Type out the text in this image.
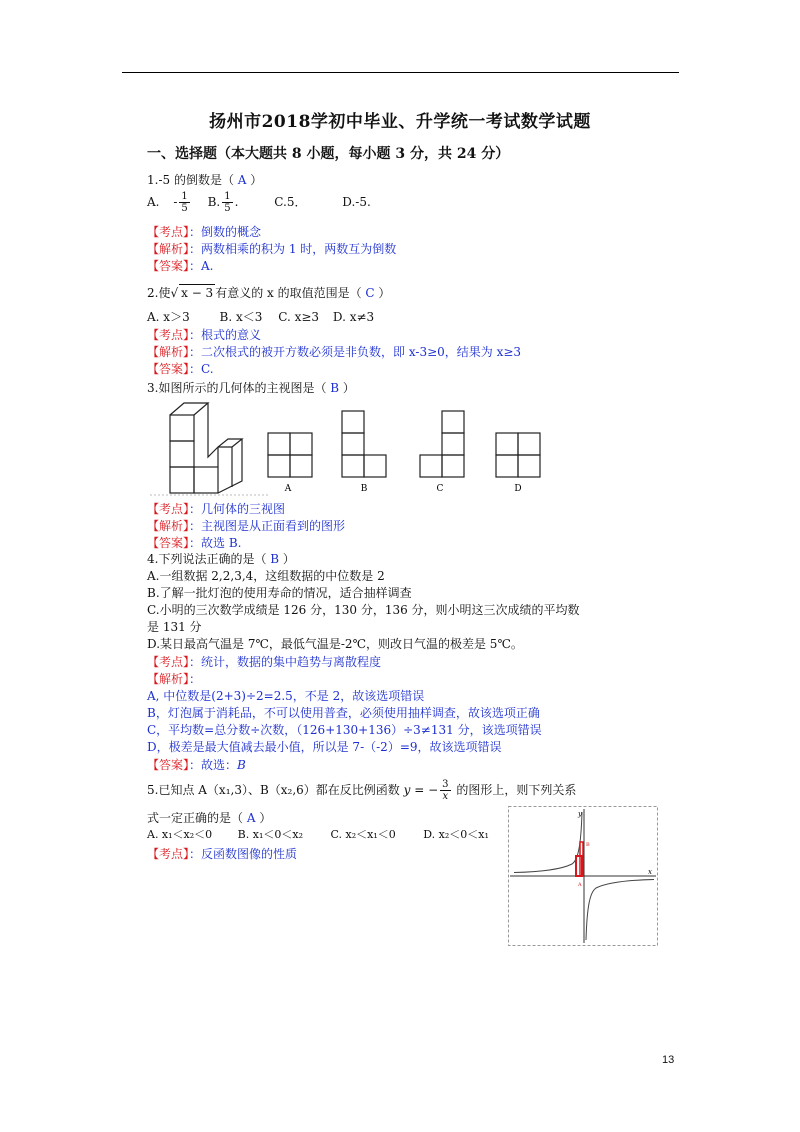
扬州市2018学初中毕业、升学统一考试数学试题
一、选择题（本大题共 8 小题，每小题 3 分，共 24 分）
1.-5 的倒数是（ A ）
A. - $\frac{1}{5} B$. $\frac{1}{5}$ .	C.5．	D.-5.
【考点】：倒数的概念
【解析】：两数相乘的积为 1 时，两数互为倒数
【答案】：A.
2.使√ x − 3 有意义的 x 的取值范围是（ C ）
A. x＞3 B. x＜3 C. x≥3 D. x≠3
【考点】：根式的意义
【解析】：二次根式的被开方数必须是非负数，即 x-3≥0，结果为 x≥3
【答案】：C.
3.如图所示的几何体的主视图是（ B ）
A	B	C	D
【考点】：几何体的三视图
【解析】：主视图是从正面看到的图形
【答案】：故选 B.
4.下列说法正确的是（ B ）
A.一组数据 2,2,3,4，这组数据的中位数是 2
B.了解一批灯泡的使用寿命的情况，适合抽样调查
C.小明的三次数学成绩是 126 分，130 分，136 分，则小明这三次成绩的平均数
是 131 分
D.某日最高气温是 7℃，最低气温是-2℃，则改日气温的极差是 5℃。
【考点】：统计，数据的集中趋势与离散程度
【解析】：
A, 中位数是(2+3)÷2=2.5，不是 2，故该选项错误
B，灯泡属于消耗品，不可以使用普查，必须使用抽样调查，故该选项正确
C，平均数=总分数÷次数，（126+130+136）÷3≠131 分，该选项错误
D，极差是最大值减去最小值，所以是 7-（-2）=9，故该选项错误
【答案】：故选：B
5.已知点 A（x₁,3）、B（x₂,6）都在反比例函数 y = − $\frac{3}{x}$ 的图形上，则下列关系
式一定正确的是（ A ）
A. x₁＜x₂＜0 B. x₁＜0＜x₂	C. x₂＜x₁＜0	D. x₂＜0＜x₁
【考点】：反函数图像的性质
x
y
B
A
13
